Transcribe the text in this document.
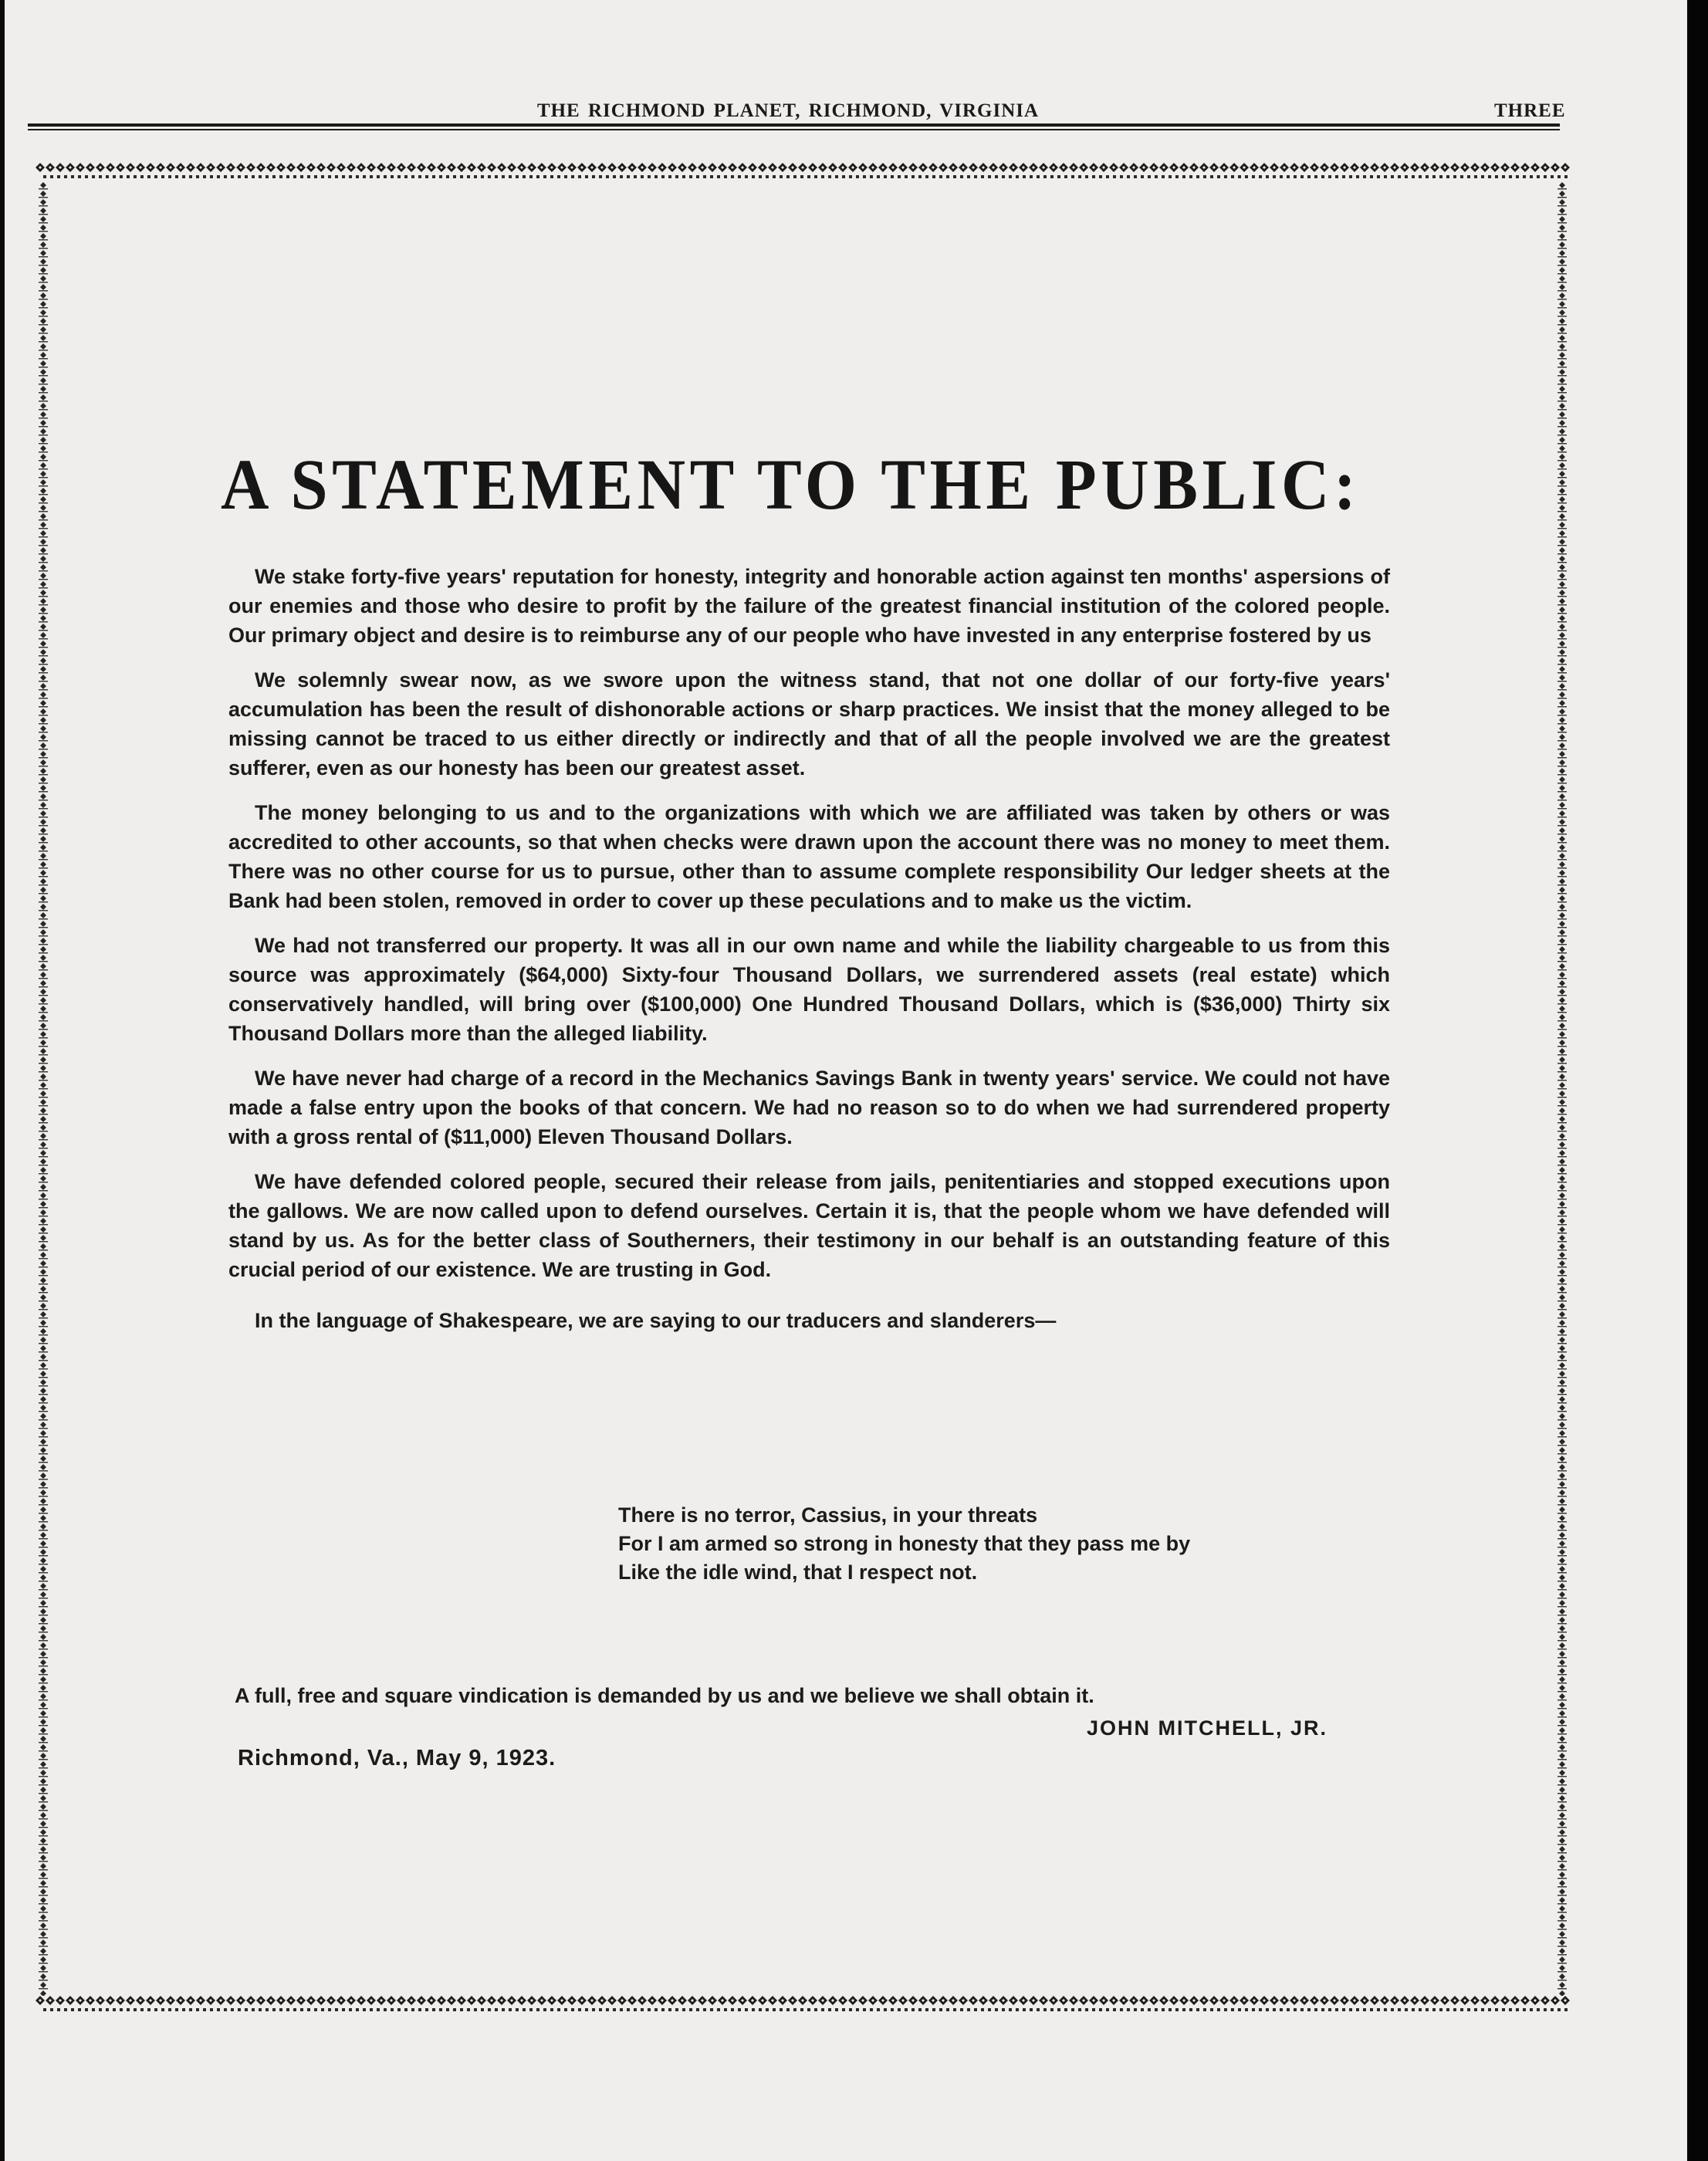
THE RICHMOND PLANET, RICHMOND, VIRGINIA	THREE
A STATEMENT TO THE PUBLIC:

We stake forty-five years' reputation for honesty, integrity and honorable action against ten months' aspersions of our enemies and those who desire to profit by the failure of the greatest financial institution of the colored people. Our primary object and desire is to reimburse any of our people who have invested in any enterprise fostered by us

We solemnly swear now, as we swore upon the witness stand, that not one dollar of our forty-five years' accumulation has been the result of dishonorable actions or sharp practices. We insist that the money alleged to be missing cannot be traced to us either directly or indirectly and that of all the people involved we are the greatest sufferer, even as our honesty has been our greatest asset.

The money belonging to us and to the organizations with which we are affiliated was taken by others or was accredited to other accounts, so that when checks were drawn upon the account there was no money to meet them. There was no other course for us to pursue, other than to assume complete responsibility Our ledger sheets at the Bank had been stolen, removed in order to cover up these peculations and to make us the victim.

We had not transferred our property. It was all in our own name and while the liability chargeable to us from this source was approximately ($64,000) Sixty-four Thousand Dollars, we surrendered assets (real estate) which conservatively handled, will bring over ($100,000) One Hundred Thousand Dollars, which is ($36,000) Thirty six Thousand Dollars more than the alleged liability.

We have never had charge of a record in the Mechanics Savings Bank in twenty years' service. We could not have made a false entry upon the books of that concern. We had no reason so to do when we had surrendered property with a gross rental of ($11,000) Eleven Thousand Dollars.

We have defended colored people, secured their release from jails, penitentiaries and stopped executions upon the gallows. We are now called upon to defend ourselves. Certain it is, that the people whom we have defended will stand by us. As for the better class of Southerners, their testimony in our behalf is an outstanding feature of this crucial period of our existence. We are trusting in God.

In the language of Shakespeare, we are saying to our traducers and slanderers—

There is no terror, Cassius, in your threats
For I am armed so strong in honesty that they pass me by
Like the idle wind, that I respect not.
A full, free and square vindication is demanded by us and we believe we shall obtain it.
JOHN MITCHELL, JR.
Richmond, Va., May 9, 1923.
